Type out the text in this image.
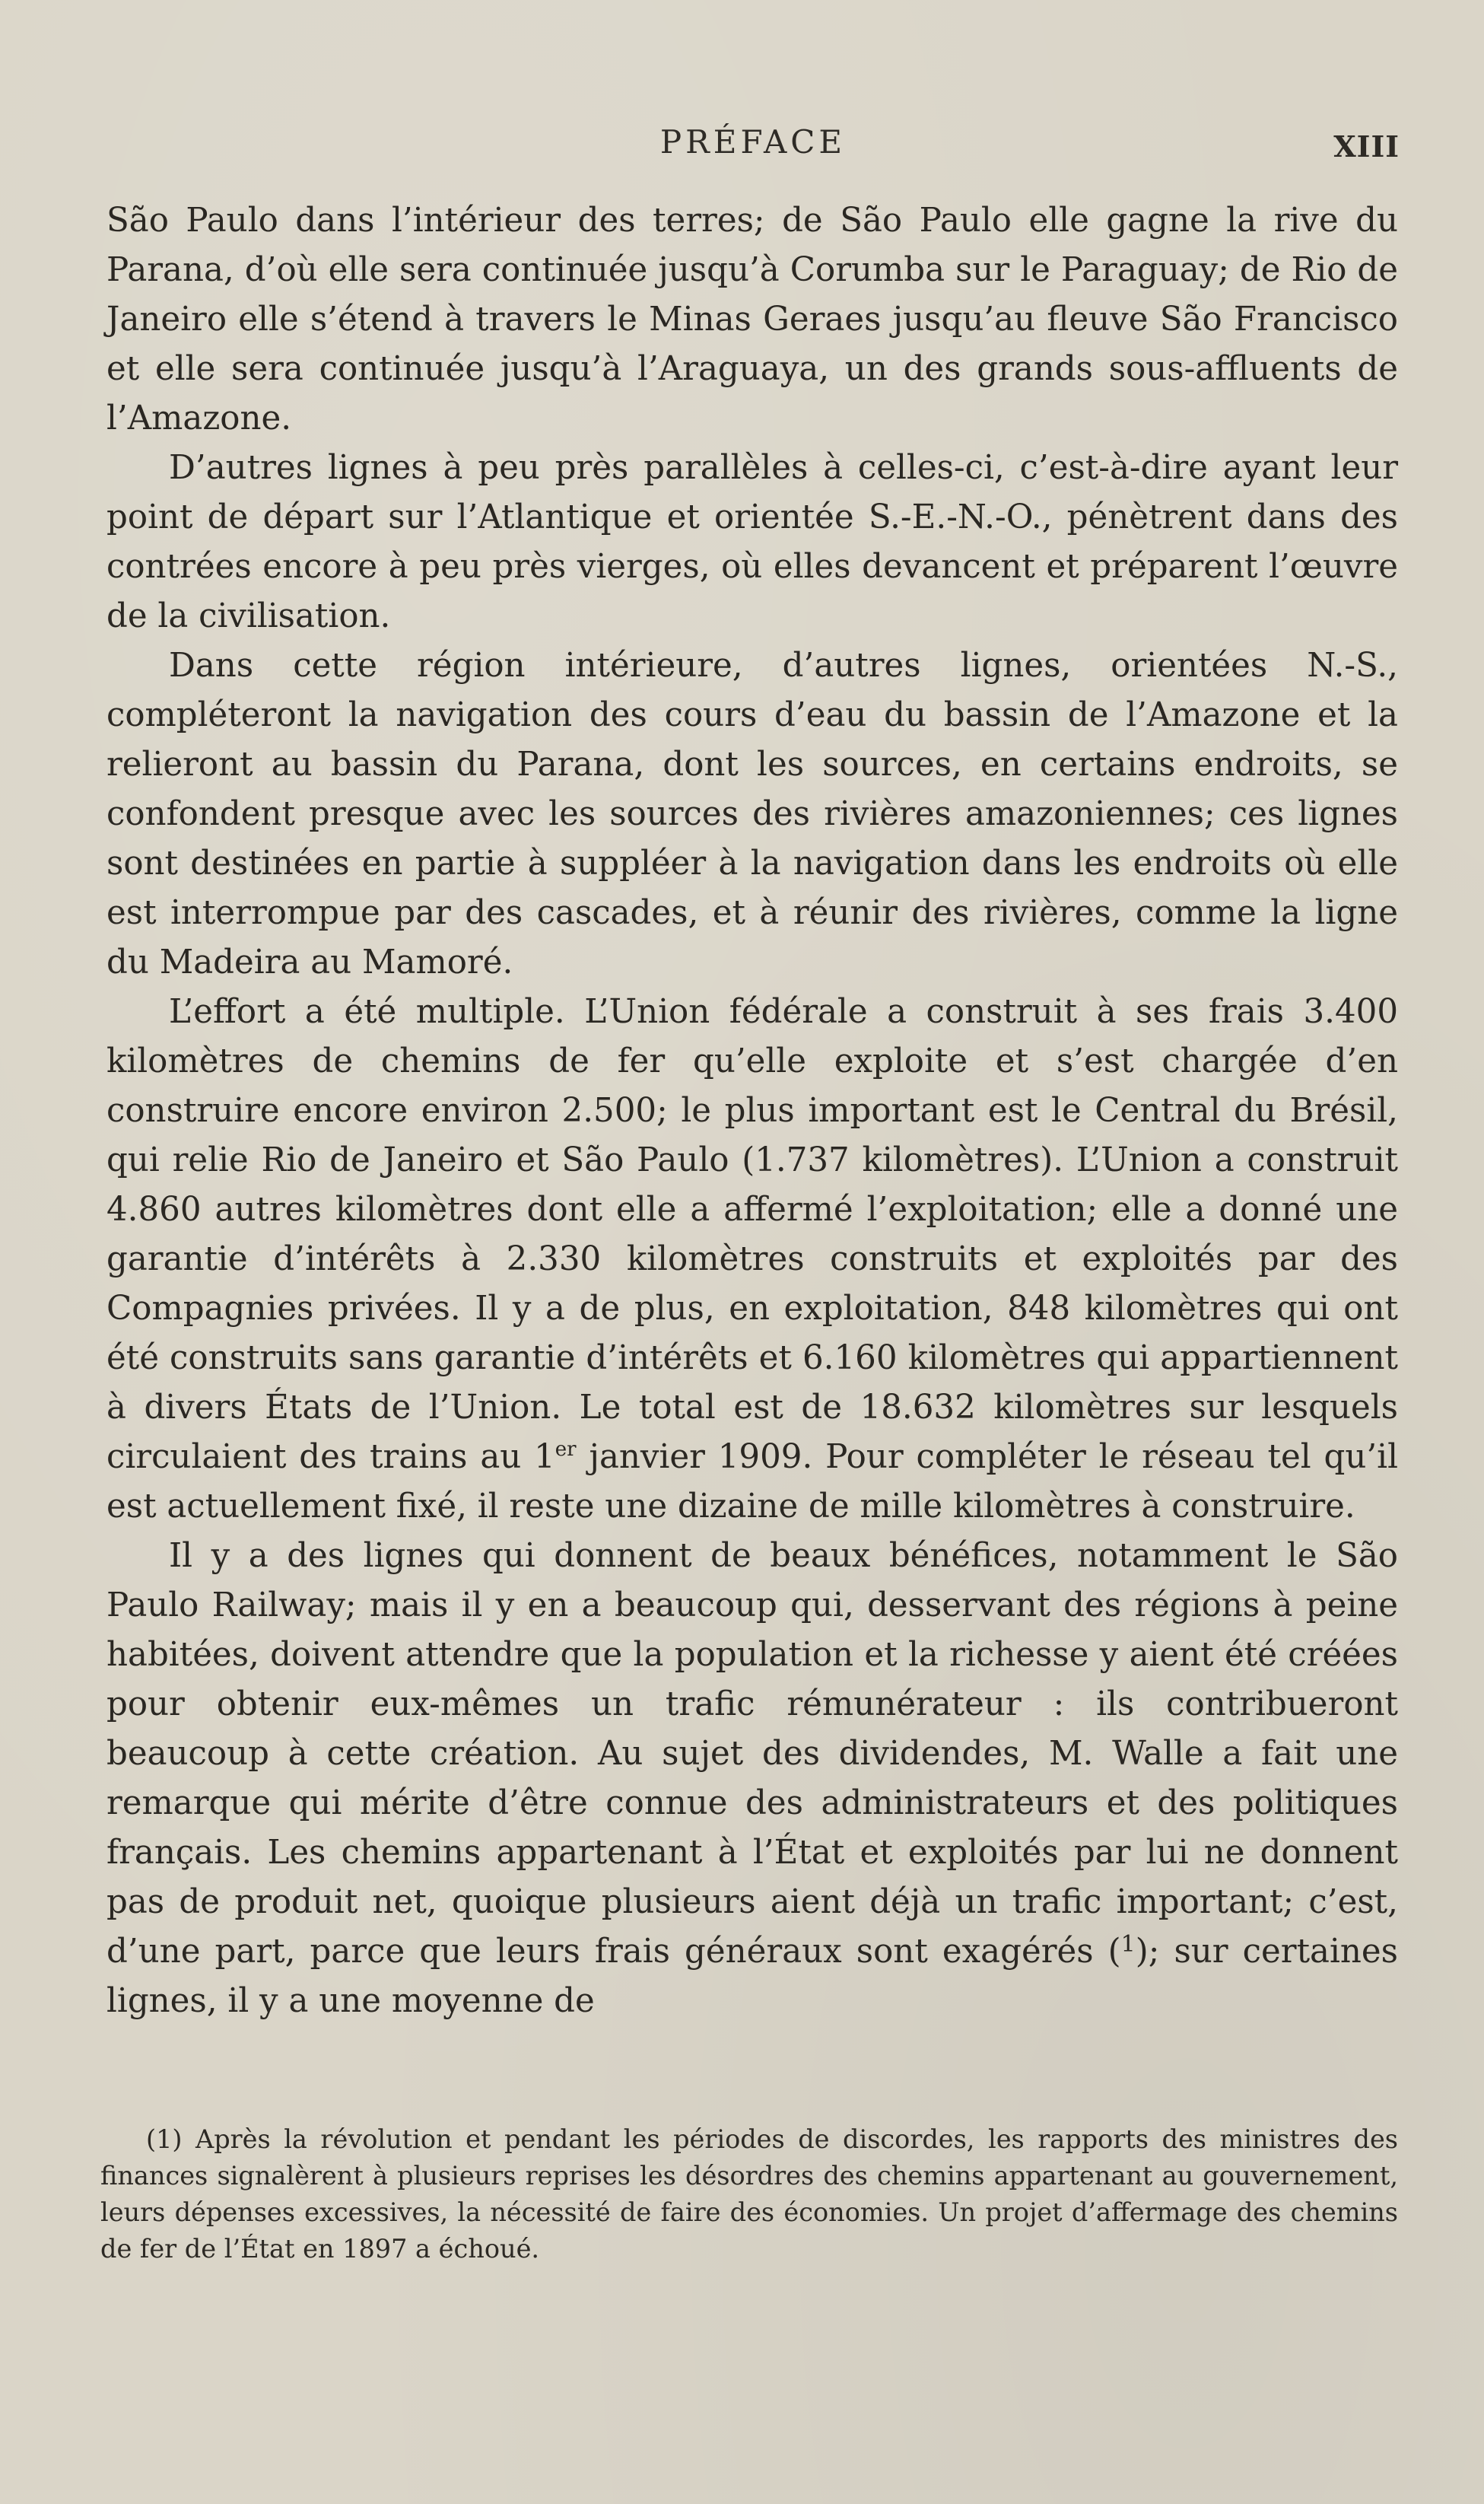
PRÉFACE	XIII

São Paulo dans l’intérieur des terres; de São Paulo elle gagne la rive du Parana, d’où elle sera continuée jusqu’à Corumba sur le Paraguay; de Rio de Janeiro elle s’étend à travers le Minas Geraes jusqu’au fleuve São Francisco et elle sera continuée jusqu’à l’Araguaya, un des grands sous-affluents de l’Amazone.

D’autres lignes à peu près parallèles à celles-ci, c’est-à-dire ayant leur point de départ sur l’Atlantique et orientée S.-E.-N.-O., pénètrent dans des contrées encore à peu près vierges, où elles devancent et préparent l’œuvre de la civilisation.

Dans cette région intérieure, d’autres lignes, orientées N.-S., compléteront la navigation des cours d’eau du bassin de l’Amazone et la relieront au bassin du Parana, dont les sources, en certains endroits, se confondent presque avec les sources des rivières amazoniennes; ces lignes sont destinées en partie à suppléer à la navigation dans les endroits où elle est interrompue par des cascades, et à réunir des rivières, comme la ligne du Madeira au Mamoré.

L’effort a été multiple. L’Union fédérale a construit à ses frais 3.400 kilomètres de chemins de fer qu’elle exploite et s’est chargée d’en construire encore environ 2.500; le plus important est le Central du Brésil, qui relie Rio de Janeiro et São Paulo (1.737 kilomètres). L’Union a construit 4.860 autres kilomètres dont elle a affermé l’exploitation; elle a donné une garantie d’intérêts à 2.330 kilomètres construits et exploités par des Compagnies privées. Il y a de plus, en exploitation, 848 kilomètres qui ont été construits sans garantie d’intérêts et 6.160 kilomètres qui appartiennent à divers États de l’Union. Le total est de 18.632 kilomètres sur lesquels circulaient des trains au 1er janvier 1909. Pour compléter le réseau tel qu’il est actuellement fixé, il reste une dizaine de mille kilomètres à construire.

Il y a des lignes qui donnent de beaux bénéfices, notamment le São Paulo Railway; mais il y en a beaucoup qui, desservant des régions à peine habitées, doivent attendre que la population et la richesse y aient été créées pour obtenir eux-mêmes un trafic rémunérateur : ils contribueront beaucoup à cette création. Au sujet des dividendes, M. Walle a fait une remarque qui mérite d’être connue des administrateurs et des politiques français. Les chemins appartenant à l’État et exploités par lui ne donnent pas de produit net, quoique plusieurs aient déjà un trafic important; c’est, d’une part, parce que leurs frais généraux sont exagérés ($^1$); sur certaines lignes, il y a une moyenne de

(1) Après la révolution et pendant les périodes de discordes, les rapports des ministres des finances signalèrent à plusieurs reprises les désordres des chemins appartenant au gouvernement, leurs dépenses excessives, la nécessité de faire des économies. Un projet d’affermage des chemins de fer de l’État en 1897 a échoué.
